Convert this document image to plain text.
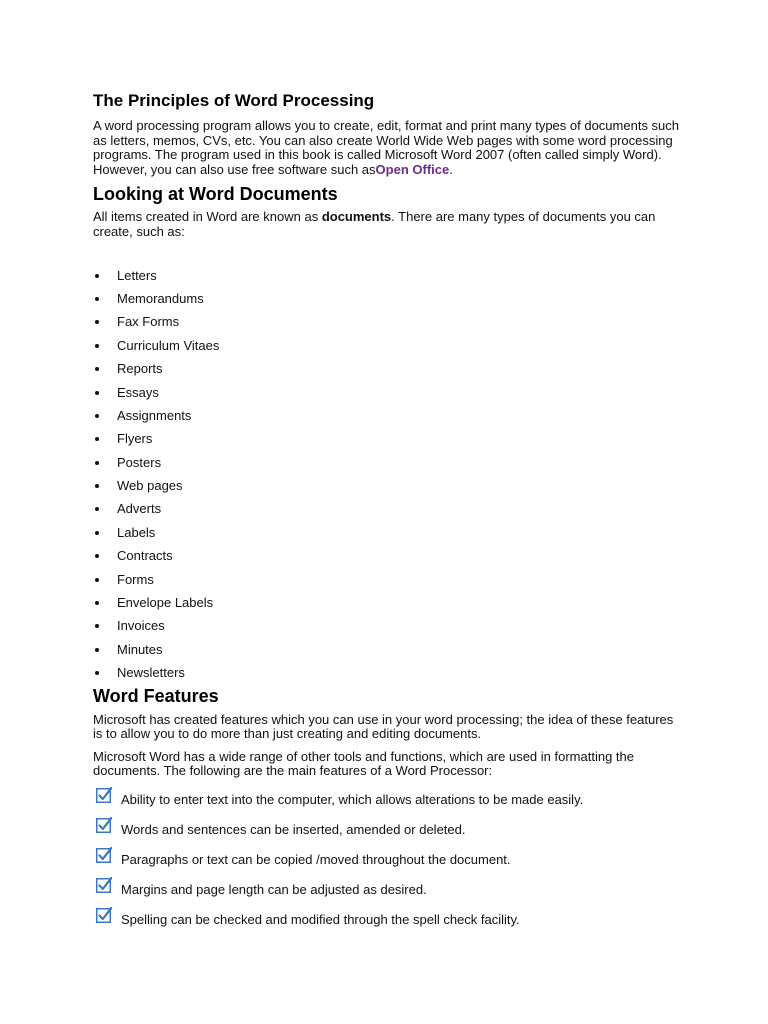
The Principles of Word Processing

A word processing program allows you to create, edit, format and print many types of documents such as letters, memos, CVs, etc. You can also create World Wide Web pages with some word processing programs. The program used in this book is called Microsoft Word 2007 (often called simply Word). However, you can also use free software such asOpen Office.

Looking at Word Documents

All items created in Word are known as documents. There are many types of documents you can create, such as:

Letters
Memorandums
Fax Forms
Curriculum Vitaes
Reports
Essays
Assignments
Flyers
Posters
Web pages
Adverts
Labels
Contracts
Forms
Envelope Labels
Invoices
Minutes
Newsletters
Word Features

Microsoft has created features which you can use in your word processing; the idea of these features is to allow you to do more than just creating and editing documents.

Microsoft Word has a wide range of other tools and functions, which are used in formatting the documents. The following are the main features of a Word Processor:

Ability to enter text into the computer, which allows alterations to be made easily.
Words and sentences can be inserted, amended or deleted.
Paragraphs or text can be copied /moved throughout the document.
Margins and page length can be adjusted as desired.
Spelling can be checked and modified through the spell check facility.
